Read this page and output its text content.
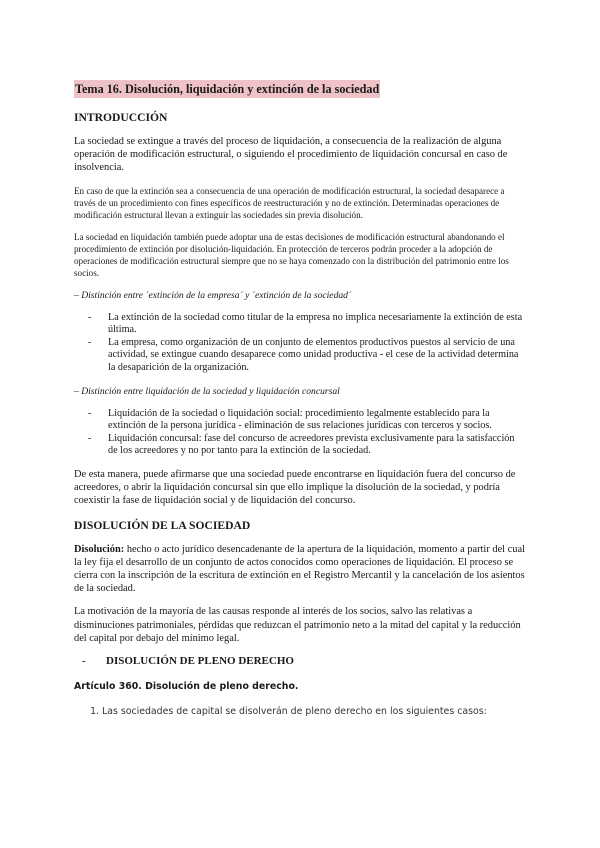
Tema 16. Disolución, liquidación y extinción de la sociedad
INTRODUCCIÓN

La sociedad se extingue a través del proceso de liquidación, a consecuencia de la realización de alguna operación de modificación estructural, o siguiendo el procedimiento de liquidación concursal en caso de insolvencia.

En caso de que la extinción sea a consecuencia de una operación de modificación estructural, la sociedad desaparece a través de un procedimiento con fines específicos de reestructuración y no de extinción. Determinadas operaciones de modificación estructural llevan a extinguir las sociedades sin previa disolución.

La sociedad en liquidación también puede adoptar una de estas decisiones de modificación estructural abandonando el procedimiento de extinción por disolución-liquidación. En protección de terceros podrán proceder a la adopción de operaciones de modificación estructural siempre que no se haya comenzado con la distribución del patrimonio entre los socios.

– Distinción entre ´extinción de la empresa´ y ´extinción de la sociedad´

- La extinción de la sociedad como titular de la empresa no implica necesariamente la extinción de esta última.
- La empresa, como organización de un conjunto de elementos productivos puestos al servicio de una actividad, se extingue cuando desaparece como unidad productiva - el cese de la actividad determina la desaparición de la organización.

– Distinción entre liquidación de la sociedad y liquidación concursal

- Liquidación de la sociedad o liquidación social: procedimiento legalmente establecido para la extinción de la persona jurídica - eliminación de sus relaciones jurídicas con terceros y socios.
- Liquidación concursal: fase del concurso de acreedores prevista exclusivamente para la satisfacción de los acreedores y no por tanto para la extinción de la sociedad.

De esta manera, puede afirmarse que una sociedad puede encontrarse en liquidación fuera del concurso de acreedores, o abrir la liquidación concursal sin que ello implique la disolución de la sociedad, y podría coexistir la fase de liquidación social y de liquidación del concurso.

DISOLUCIÓN DE LA SOCIEDAD

Disolución: hecho o acto jurídico desencadenante de la apertura de la liquidación, momento a partir del cual la ley fija el desarrollo de un conjunto de actos conocidos como operaciones de liquidación. El proceso se cierra con la inscripción de la escritura de extinción en el Registro Mercantil y la cancelación de los asientos de la sociedad.

La motivación de la mayoría de las causas responde al interés de los socios, salvo las relativas a disminuciones patrimoniales, pérdidas que reduzcan el patrimonio neto a la mitad del capital y la reducción del capital por debajo del mínimo legal.

-	DISOLUCIÓN DE PLENO DERECHO
Artículo 360. Disolución de pleno derecho.
1. Las sociedades de capital se disolverán de pleno derecho en los siguientes casos:
